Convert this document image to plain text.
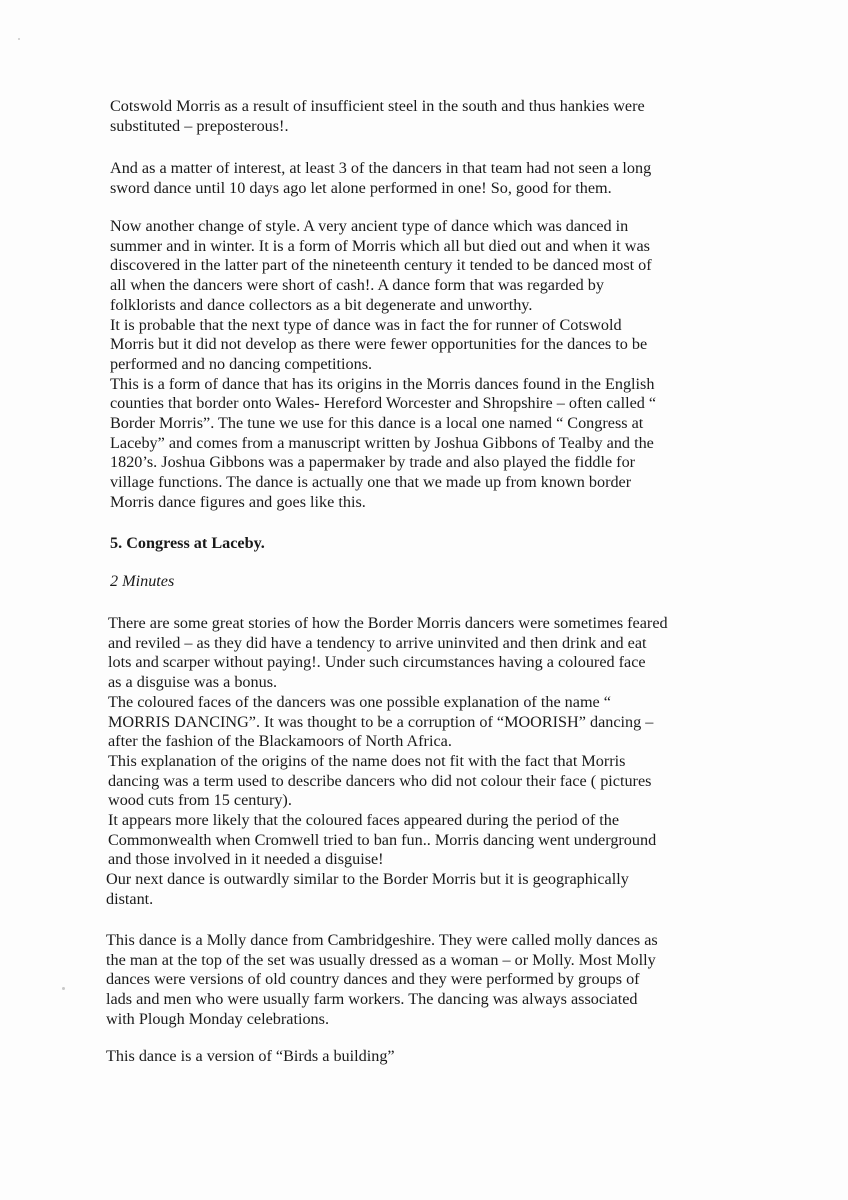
Cotswold Morris as a result of insufficient steel in the south and thus hankies were

substituted – preposterous!.

And as a matter of interest, at least 3 of the dancers in that team had not seen a long

sword dance until 10 days ago let alone performed in one! So, good for them.

Now another change of style. A very ancient type of dance which was danced in

summer and in winter. It is a form of Morris which all but died out and when it was

discovered in the latter part of the nineteenth century it tended to be danced most of

all when the dancers were short of cash!. A dance form that was regarded by

folklorists and dance collectors as a bit degenerate and unworthy.

It is probable that the next type of dance was in fact the for runner of Cotswold

Morris but it did not develop as there were fewer opportunities for the dances to be

performed and no dancing competitions.

This is a form of dance that has its origins in the Morris dances found in the English

counties that border onto Wales- Hereford Worcester and Shropshire – often called “

Border Morris”. The tune we use for this dance is a local one named “ Congress at

Laceby” and comes from a manuscript written by Joshua Gibbons of Tealby and the

1820’s. Joshua Gibbons was a papermaker by trade and also played the fiddle for

village functions. The dance is actually one that we made up from known border

Morris dance figures and goes like this.

5. Congress at Laceby.

2 Minutes

There are some great stories of how the Border Morris dancers were sometimes feared

and reviled – as they did have a tendency to arrive uninvited and then drink and eat

lots and scarper without paying!. Under such circumstances having a coloured face

as a disguise was a bonus.

The coloured faces of the dancers was one possible explanation of the name “

MORRIS DANCING”. It was thought to be a corruption of “MOORISH” dancing –

after the fashion of the Blackamoors of North Africa.

This explanation of the origins of the name does not fit with the fact that Morris

dancing was a term used to describe dancers who did not colour their face ( pictures

wood cuts from 15 century).

It appears more likely that the coloured faces appeared during the period of the

Commonwealth when Cromwell tried to ban fun.. Morris dancing went underground

and those involved in it needed a disguise!

Our next dance is outwardly similar to the Border Morris but it is geographically

distant.

This dance is a Molly dance from Cambridgeshire. They were called molly dances as

the man at the top of the set was usually dressed as a woman – or Molly. Most Molly

dances were versions of old country dances and they were performed by groups of

lads and men who were usually farm workers. The dancing was always associated

with Plough Monday celebrations.

This dance is a version of “Birds a building”
